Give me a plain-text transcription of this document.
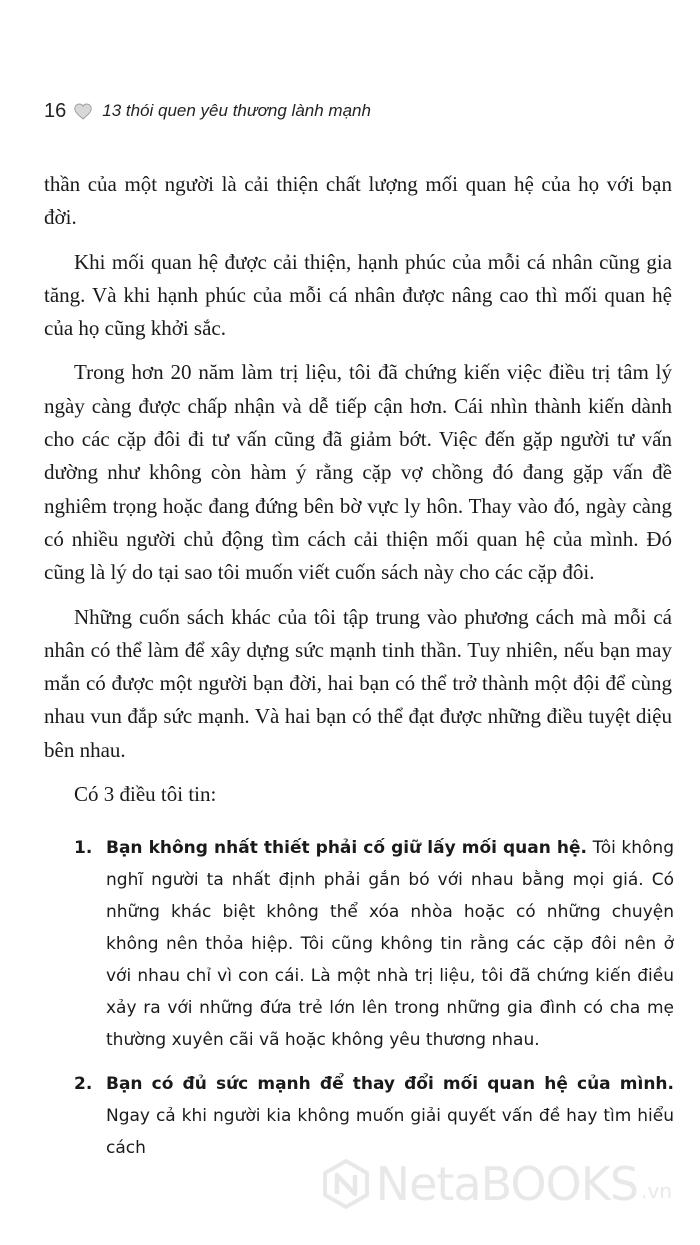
16 13 thói quen yêu thương lành mạnh

thần của một người là cải thiện chất lượng mối quan hệ của họ với bạn đời.

Khi mối quan hệ được cải thiện, hạnh phúc của mỗi cá nhân cũng gia tăng. Và khi hạnh phúc của mỗi cá nhân được nâng cao thì mối quan hệ của họ cũng khởi sắc.

Trong hơn 20 năm làm trị liệu, tôi đã chứng kiến việc điều trị tâm lý ngày càng được chấp nhận và dễ tiếp cận hơn. Cái nhìn thành kiến dành cho các cặp đôi đi tư vấn cũng đã giảm bớt. Việc đến gặp người tư vấn dường như không còn hàm ý rằng cặp vợ chồng đó đang gặp vấn đề nghiêm trọng hoặc đang đứng bên bờ vực ly hôn. Thay vào đó, ngày càng có nhiều người chủ động tìm cách cải thiện mối quan hệ của mình. Đó cũng là lý do tại sao tôi muốn viết cuốn sách này cho các cặp đôi.

Những cuốn sách khác của tôi tập trung vào phương cách mà mỗi cá nhân có thể làm để xây dựng sức mạnh tinh thần. Tuy nhiên, nếu bạn may mắn có được một người bạn đời, hai bạn có thể trở thành một đội để cùng nhau vun đắp sức mạnh. Và hai bạn có thể đạt được những điều tuyệt diệu bên nhau.

Có 3 điều tôi tin:

1. Bạn không nhất thiết phải cố giữ lấy mối quan hệ. Tôi không nghĩ người ta nhất định phải gắn bó với nhau bằng mọi giá. Có những khác biệt không thể xóa nhòa hoặc có những chuyện không nên thỏa hiệp. Tôi cũng không tin rằng các cặp đôi nên ở với nhau chỉ vì con cái. Là một nhà trị liệu, tôi đã chứng kiến điều xảy ra với những đứa trẻ lớn lên trong những gia đình có cha mẹ thường xuyên cãi vã hoặc không yêu thương nhau.
2. Bạn có đủ sức mạnh để thay đổi mối quan hệ của mình. Ngay cả khi người kia không muốn giải quyết vấn đề hay tìm hiểu cách
NetaBOOKS .vn
